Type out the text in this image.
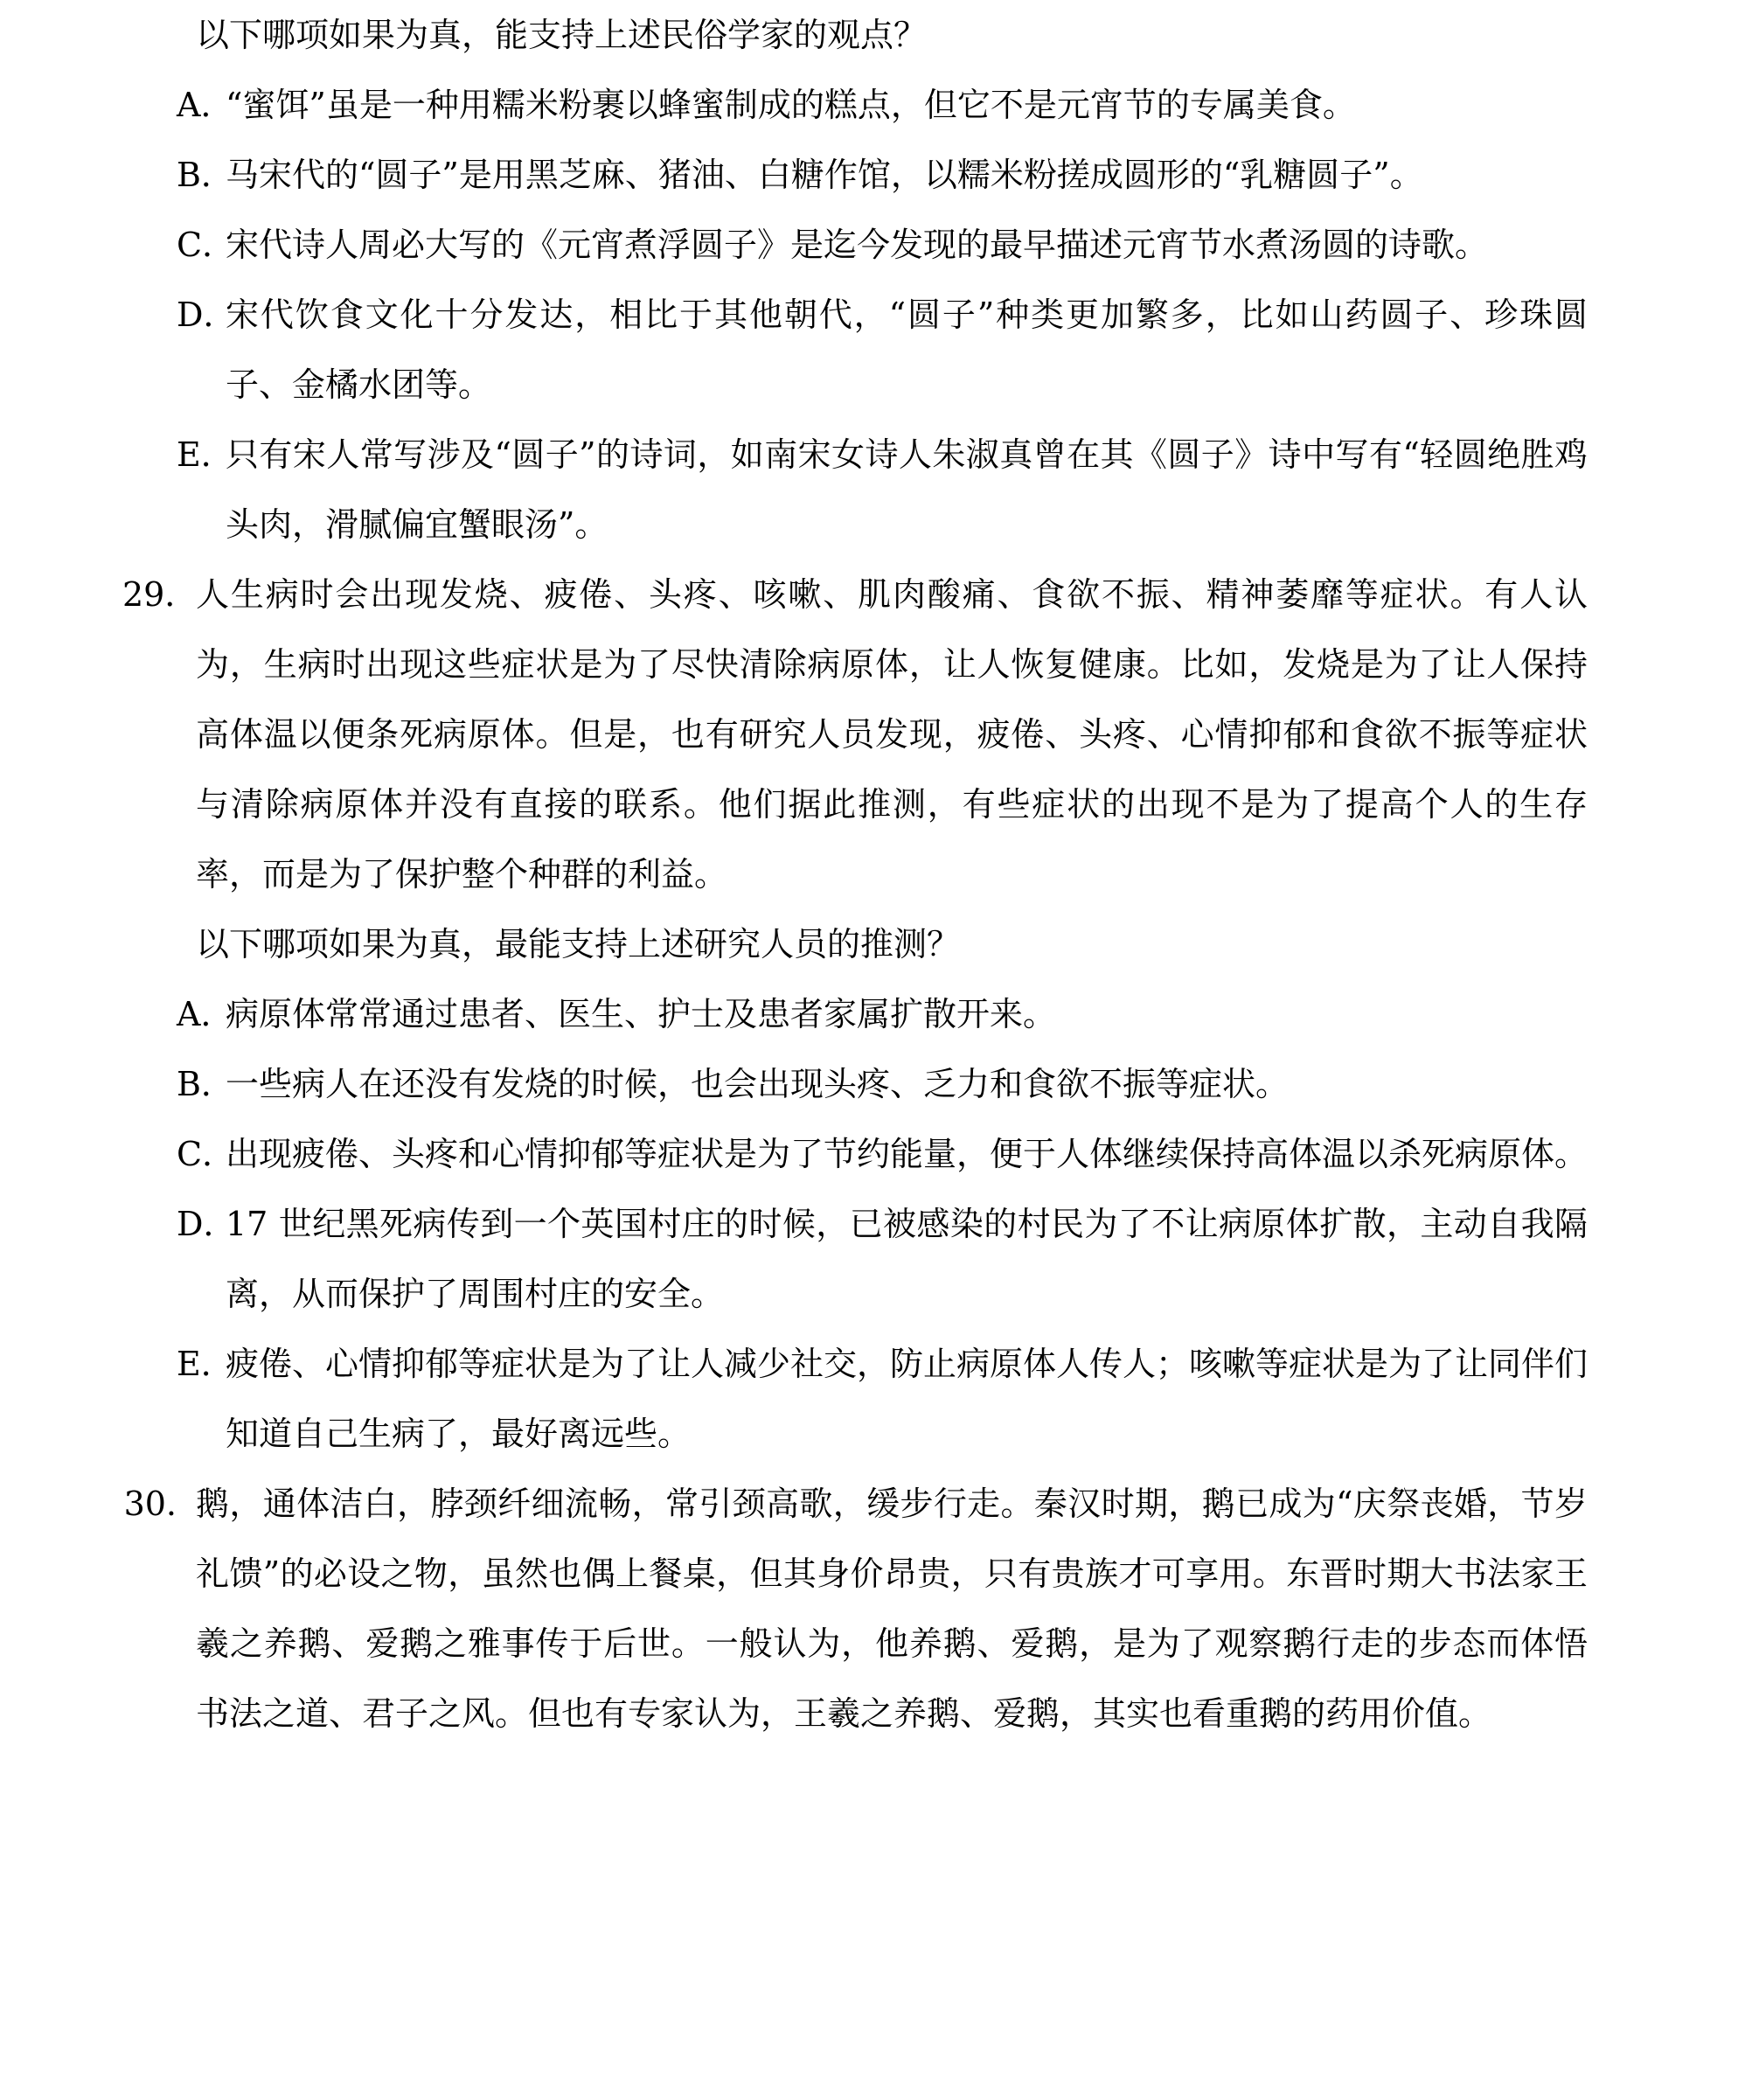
以下哪项如果为真，能支持上述民俗学家的观点？
A．
“蜜饵”虽是一种用糯米粉裹以蜂蜜制成的糕点，但它不是元宵节的专属美食。
B．
马宋代的“圆子”是用黑芝麻、猪油、白糖作馆，以糯米粉搓成圆形的“乳糖圆子”。
C．
宋代诗人周必大写的《元宵煮浮圆子》是迄今发现的最早描述元宵节水煮汤圆的诗歌。
D．
宋代饮食文化十分发达，相比于其他朝代，“圆子”种类更加繁多，比如山药圆子、珍珠圆子、金橘水团等。
E．
只有宋人常写涉及“圆子”的诗词，如南宋女诗人朱淑真曾在其《圆子》诗中写有“轻圆绝胜鸡头肉，滑腻偏宜蟹眼汤”。
29．
人生病时会出现发烧、疲倦、头疼、咳嗽、肌肉酸痛、食欲不振、精神萎靡等症状。有人认为，生病时出现这些症状是为了尽快清除病原体，让人恢复健康。比如，发烧是为了让人保持高体温以便条死病原体。但是，也有研究人员发现，疲倦、头疼、心情抑郁和食欲不振等症状与清除病原体并没有直接的联系。他们据此推测，有些症状的出现不是为了提高个人的生存率，而是为了保护整个种群的利益。
以下哪项如果为真，最能支持上述研究人员的推测？
A．
病原体常常通过患者、医生、护士及患者家属扩散开来。
B．
一些病人在还没有发烧的时候，也会出现头疼、乏力和食欲不振等症状。
C．
出现疲倦、头疼和心情抑郁等症状是为了节约能量，便于人体继续保持高体温以杀死病原体。
D．
17 世纪黑死病传到一个英国村庄的时候，已被感染的村民为了不让病原体扩散，主动自我隔离，从而保护了周围村庄的安全。
E．
疲倦、心情抑郁等症状是为了让人减少社交，防止病原体人传人；咳嗽等症状是为了让同伴们知道自己生病了，最好离远些。
30. 鹅，通体洁白，脖颈纤细流畅，常引颈高歌，缓步行走。秦汉时期，鹅已成为“庆祭丧婚，节岁礼馈”的必设之物，虽然也偶上餐桌，但其身价昂贵，只有贵族才可享用。东晋时期大书法家王羲之养鹅、爱鹅之雅事传于后世。一般认为，他养鹅、爱鹅，是为了观察鹅行走的步态而体悟书法之道、君子之风。但也有专家认为，王羲之养鹅、爱鹅，其实也看重鹅的药用价值。
